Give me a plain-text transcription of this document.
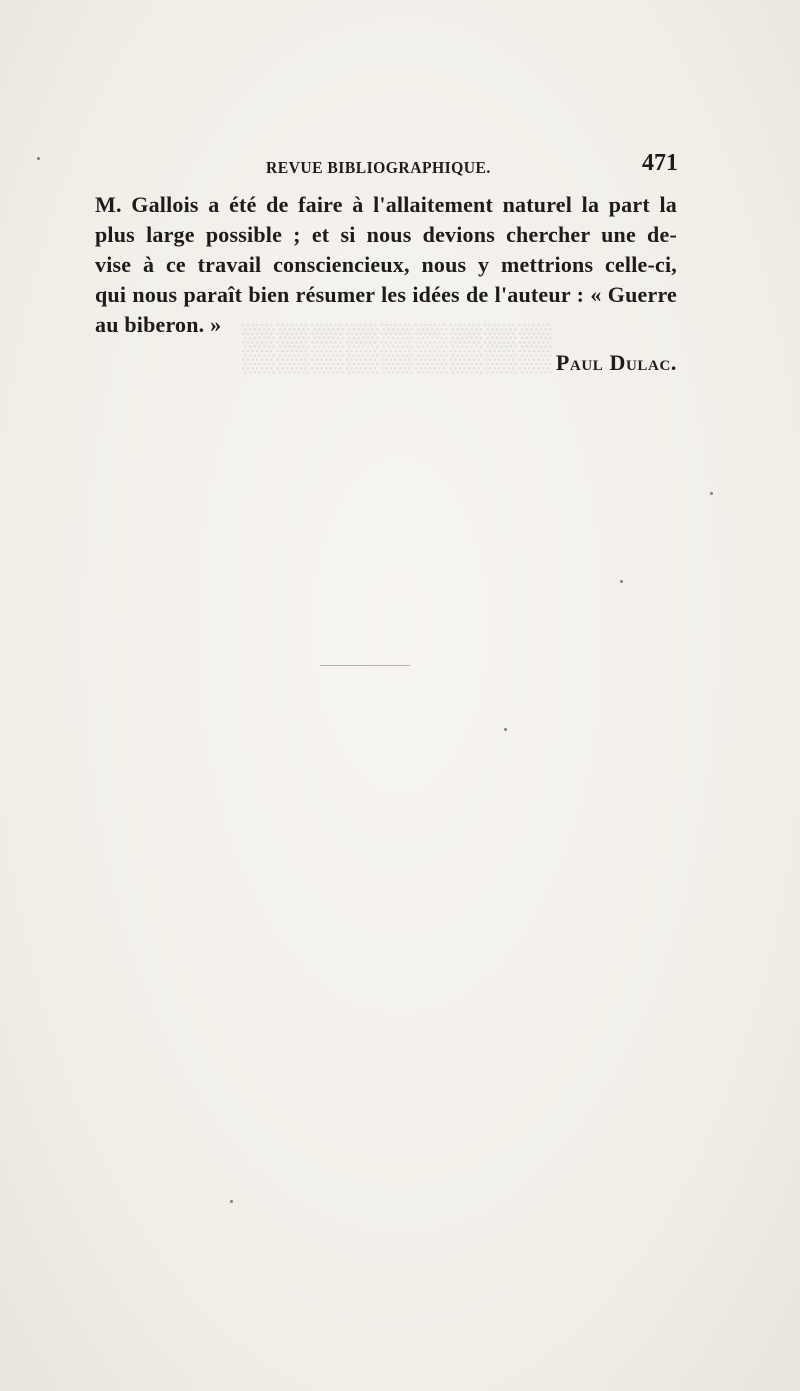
▒▒▒▒▒▒▒▒▒
REVUE BIBLIOGRAPHIQUE.	471
M. Gallois a été de faire à l'allaitement naturel la part la
plus large possible ; et si nous devions chercher une de-
vise à ce travail consciencieux, nous y mettrions celle-ci,
qui nous paraît bien résumer les idées de l'auteur : « Guerre
au biberon. »
Paul Dulac.
